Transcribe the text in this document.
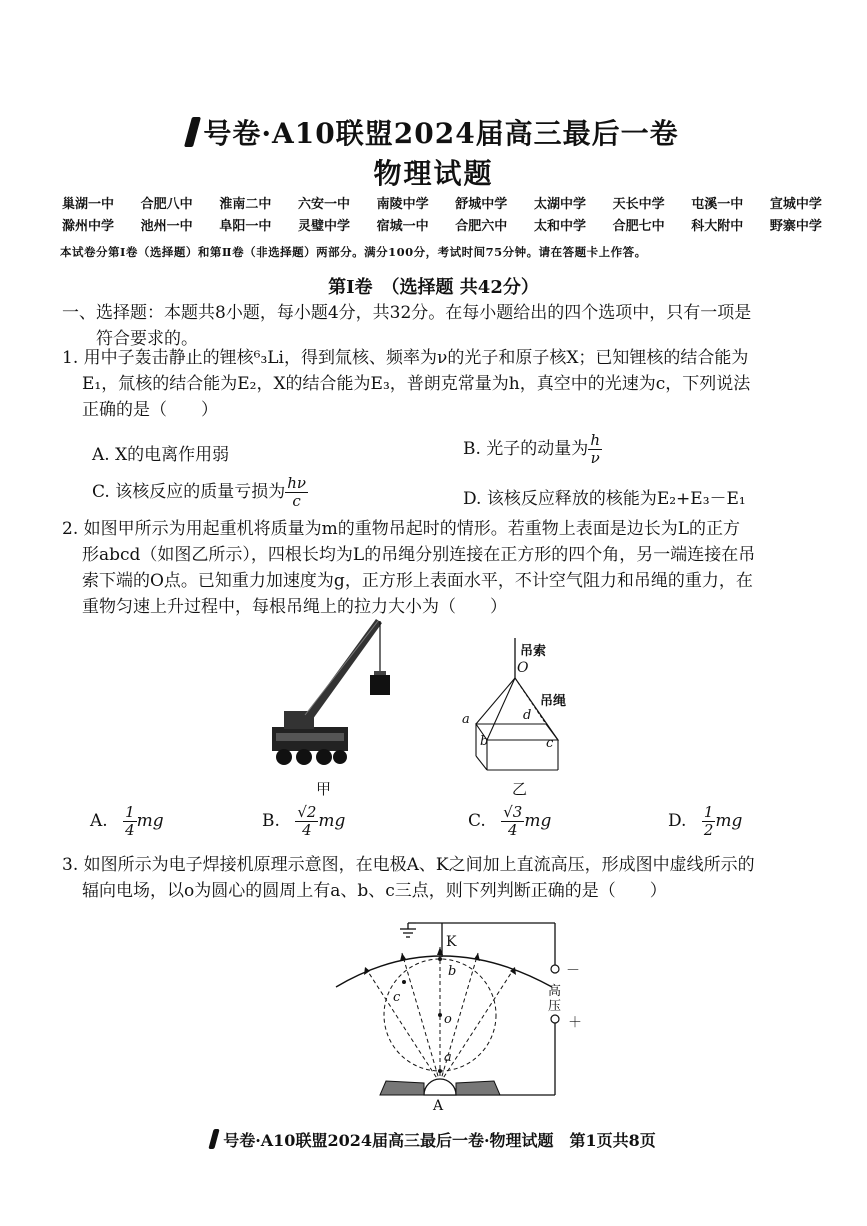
号卷·A10联盟2024届高三最后一卷
物理试题
巢湖一中 合肥八中 淮南二中 六安一中 南陵中学 舒城中学 太湖中学 天长中学 屯溪一中 宣城中学
滁州中学 池州一中 阜阳一中 灵璧中学 宿城一中 合肥六中 太和中学 合肥七中 科大附中 野寨中学
本试卷分第Ⅰ卷（选择题）和第Ⅱ卷（非选择题）两部分。满分100分，考试时间75分钟。请在答题卡上作答。
第Ⅰ卷　（选择题 共42分）
一、选择题：本题共8小题，每小题4分，共32分。在每小题给出的四个选项中，只有一项是
符合要求的。
1. 用中子轰击静止的锂核⁶₃Li，得到氚核、频率为ν的光子和原子核X；已知锂核的结合能为
E₁，氚核的结合能为E₂，X的结合能为E₃，普朗克常量为h，真空中的光速为c，下列说法
正确的是（　　）
A. X的电离作用弱	B. 光子的动量为 $\frac{h}{\nu}$
C. 该核反应的质量亏损为 $\frac{h\nu}{c}$	D. 该核反应释放的核能为E₂+E₃－E₁
2. 如图甲所示为用起重机将质量为m的重物吊起时的情形。若重物上表面是边长为L的正方
形abcd（如图乙所示），四根长均为L的吊绳分别连接在正方形的四个角，另一端连接在吊
索下端的O点。已知重力加速度为g，正方形上表面水平，不计空气阻力和吊绳的重力，在
重物匀速上升过程中，每根吊绳上的拉力大小为（　　）
甲
吊索
O
吊绳
a
b	c
d
乙
A. $\frac{1}{4}$ mg	B. $\frac{√2}{4}$ mg	C. $\frac{√3}{4}$ mg	D. $\frac{1}{2}$ mg
3. 如图所示为电子焊接机原理示意图，在电极A、K之间加上直流高压，形成图中虚线所示的
辐向电场，以o为圆心的圆周上有a、b、c三点，则下列判断正确的是（　　）
K
A
b
c
o
a
－
＋
高压
号卷·A10联盟2024届高三最后一卷·物理试题　第1页共8页
